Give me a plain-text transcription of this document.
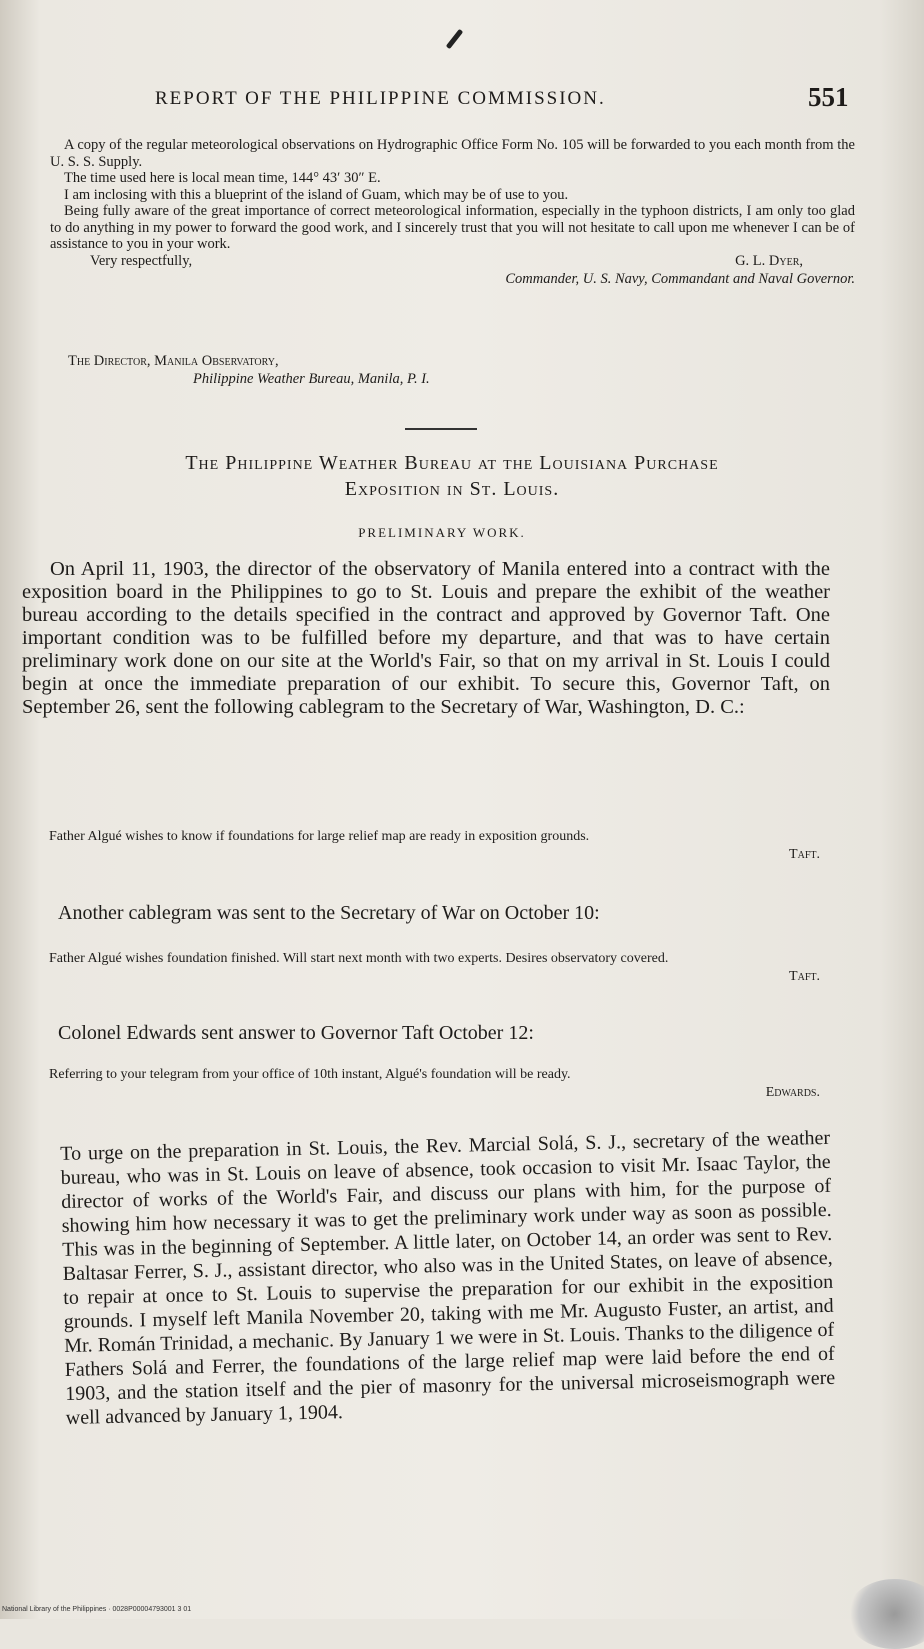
REPORT OF THE PHILIPPINE COMMISSION.	551

A copy of the regular meteorological observations on Hydrographic Office Form No. 105 will be forwarded to you each month from the U. S. S. Supply.

The time used here is local mean time, 144° 43′ 30″ E.

I am inclosing with this a blueprint of the island of Guam, which may be of use to you.

Being fully aware of the great importance of correct meteorological information, especially in the typhoon districts, I am only too glad to do anything in my power to forward the good work, and I sincerely trust that you will not hesitate to call upon me whenever I can be of assistance to you in your work.

Very respectfully,	G. L. Dyer,
Commander, U. S. Navy, Commandant and Naval Governor.
The Director, Manila Observatory,
Philippine Weather Bureau, Manila, P. I.
The Philippine Weather Bureau at the Louisiana Purchase
Exposition in St. Louis.
PRELIMINARY WORK.

On April 11, 1903, the director of the observatory of Manila entered into a contract with the exposition board in the Philippines to go to St. Louis and prepare the exhibit of the weather bureau according to the details specified in the contract and approved by Governor Taft. One important condition was to be fulfilled before my departure, and that was to have certain preliminary work done on our site at the World's Fair, so that on my arrival in St. Louis I could begin at once the immediate preparation of our exhibit. To secure this, Governor Taft, on September 26, sent the following cablegram to the Secretary of War, Washington, D. C.:

Father Algué wishes to know if foundations for large relief map are ready in exposition grounds.

Taft.
Another cablegram was sent to the Secretary of War on October 10:

Father Algué wishes foundation finished. Will start next month with two experts. Desires observatory covered.

Taft.
Colonel Edwards sent answer to Governor Taft October 12:

Referring to your telegram from your office of 10th instant, Algué's foundation will be ready.

Edwards.

To urge on the preparation in St. Louis, the Rev. Marcial Solá, S. J., secretary of the weather bureau, who was in St. Louis on leave of absence, took occasion to visit Mr. Isaac Taylor, the director of works of the World's Fair, and discuss our plans with him, for the purpose of showing him how necessary it was to get the preliminary work under way as soon as possible. This was in the beginning of September. A little later, on October 14, an order was sent to Rev. Baltasar Ferrer, S. J., assistant director, who also was in the United States, on leave of absence, to repair at once to St. Louis to supervise the preparation for our exhibit in the exposition grounds. I myself left Manila November 20, taking with me Mr. Augusto Fuster, an artist, and Mr. Román Trinidad, a mechanic. By January 1 we were in St. Louis. Thanks to the diligence of Fathers Solá and Ferrer, the foundations of the large relief map were laid before the end of 1903, and the station itself and the pier of masonry for the universal microseismograph were well advanced by January 1, 1904.

National Library of the Philippines · 0028P00004793001 3 01
